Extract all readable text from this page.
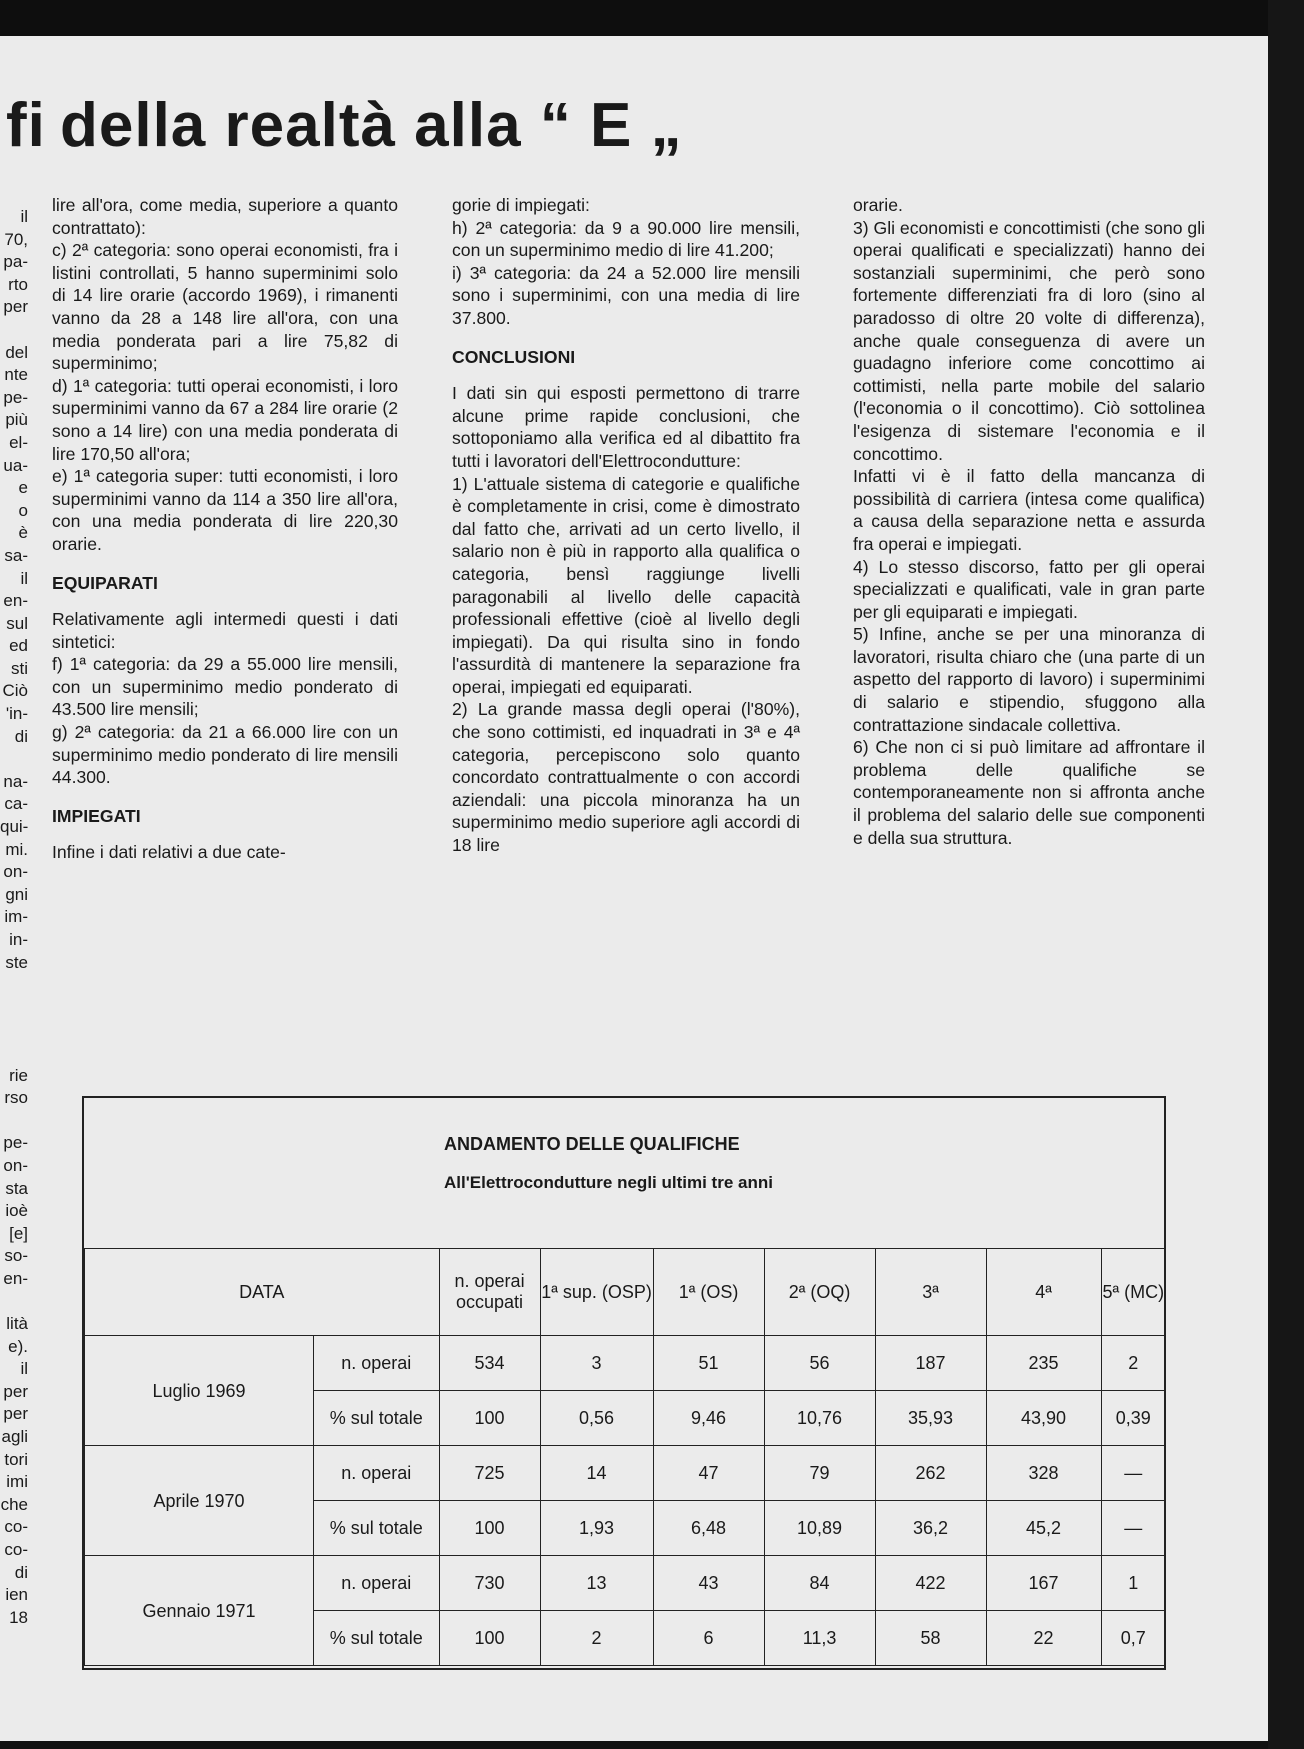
il
70,
pa-
rto
per
del
nte
pe-
più
el-
ua-
e
o
è
sa-
il
en-
sul
ed
sti
Ciò
'in-
di
na-
ca-
qui-
mi.
on-
gni
im-
in-
ste
rie
rso
pe-
on-
sta
ioè
[e]
so-
en-
lità
e).
il
per
per
agli
tori
imi
che
co-
co-
di
ien
18
fi della realtà alla “ E „

lire all'ora, come media, superiore a quanto contrattato):

c) 2ª categoria: sono operai economisti, fra i listini controllati, 5 hanno superminimi solo di 14 lire orarie (accordo 1969), i rimanenti vanno da 28 a 148 lire all'ora, con una media ponderata pari a lire 75,82 di superminimo;

d) 1ª categoria: tutti operai economisti, i loro superminimi vanno da 67 a 284 lire orarie (2 sono a 14 lire) con una media ponderata di lire 170,50 all'ora;

e) 1ª categoria super: tutti economisti, i loro superminimi vanno da 114 a 350 lire all'ora, con una media ponderata di lire 220,30 orarie.

EQUIPARATI

Relativamente agli intermedi questi i dati sintetici:

f) 1ª categoria: da 29 a 55.000 lire mensili, con un superminimo medio ponderato di 43.500 lire mensili;

g) 2ª categoria: da 21 a 66.000 lire con un superminimo medio ponderato di lire mensili 44.300.

IMPIEGATI

Infine i dati relativi a due cate-

gorie di impiegati:

h) 2ª categoria: da 9 a 90.000 lire mensili, con un superminimo medio di lire 41.200;

i) 3ª categoria: da 24 a 52.000 lire mensili sono i superminimi, con una media di lire 37.800.

CONCLUSIONI

I dati sin qui esposti permettono di trarre alcune prime rapide conclusioni, che sottoponiamo alla verifica ed al dibattito fra tutti i lavoratori dell'Elettrocondutture:

1) L'attuale sistema di categorie e qualifiche è completamente in crisi, come è dimostrato dal fatto che, arrivati ad un certo livello, il salario non è più in rapporto alla qualifica o categoria, bensì raggiunge livelli paragonabili al livello delle capacità professionali effettive (cioè al livello degli impiegati). Da qui risulta sino in fondo l'assurdità di mantenere la separazione fra operai, impiegati ed equiparati.

2) La grande massa degli operai (l'80%), che sono cottimisti, ed inquadrati in 3ª e 4ª categoria, percepiscono solo quanto concordato contrattualmente o con accordi aziendali: una piccola minoranza ha un superminimo medio superiore agli accordi di 18 lire

orarie.

3) Gli economisti e concottimisti (che sono gli operai qualificati e specializzati) hanno dei sostanziali superminimi, che però sono fortemente differenziati fra di loro (sino al paradosso di oltre 20 volte di differenza), anche quale conseguenza di avere un guadagno inferiore come concottimo ai cottimisti, nella parte mobile del salario (l'economia o il concottimo). Ciò sottolinea l'esigenza di sistemare l'economia e il concottimo.

Infatti vi è il fatto della mancanza di possibilità di carriera (intesa come qualifica) a causa della separazione netta e assurda fra operai e impiegati.

4) Lo stesso discorso, fatto per gli operai specializzati e qualificati, vale in gran parte per gli equiparati e impiegati.

5) Infine, anche se per una minoranza di lavoratori, risulta chiaro che (una parte di un aspetto del rapporto di lavoro) i superminimi di salario e stipendio, sfuggono alla contrattazione sindacale collettiva.

6) Che non ci si può limitare ad affrontare il problema delle qualifiche se contemporaneamente non si affronta anche il problema del salario delle sue componenti e della sua struttura.

ANDAMENTO DELLE QUALIFICHE
All'Elettrocondutture negli ultimi tre anni
DATA		n. operai occupati	1ª sup. (OSP)	1ª (OS)	2ª (OQ)	3ª	4ª	5ª (MC)
Luglio 1969	n. operai	534	3	51	56	187	235	2
	% sul totale	100	0,56	9,46	10,76	35,93	43,90	0,39
Aprile 1970	n. operai	725	14	47	79	262	328	—
	% sul totale	100	1,93	6,48	10,89	36,2	45,2	—
Gennaio 1971	n. operai	730	13	43	84	422	167	1
	% sul totale	100	2	6	11,3	58	22	0,7
